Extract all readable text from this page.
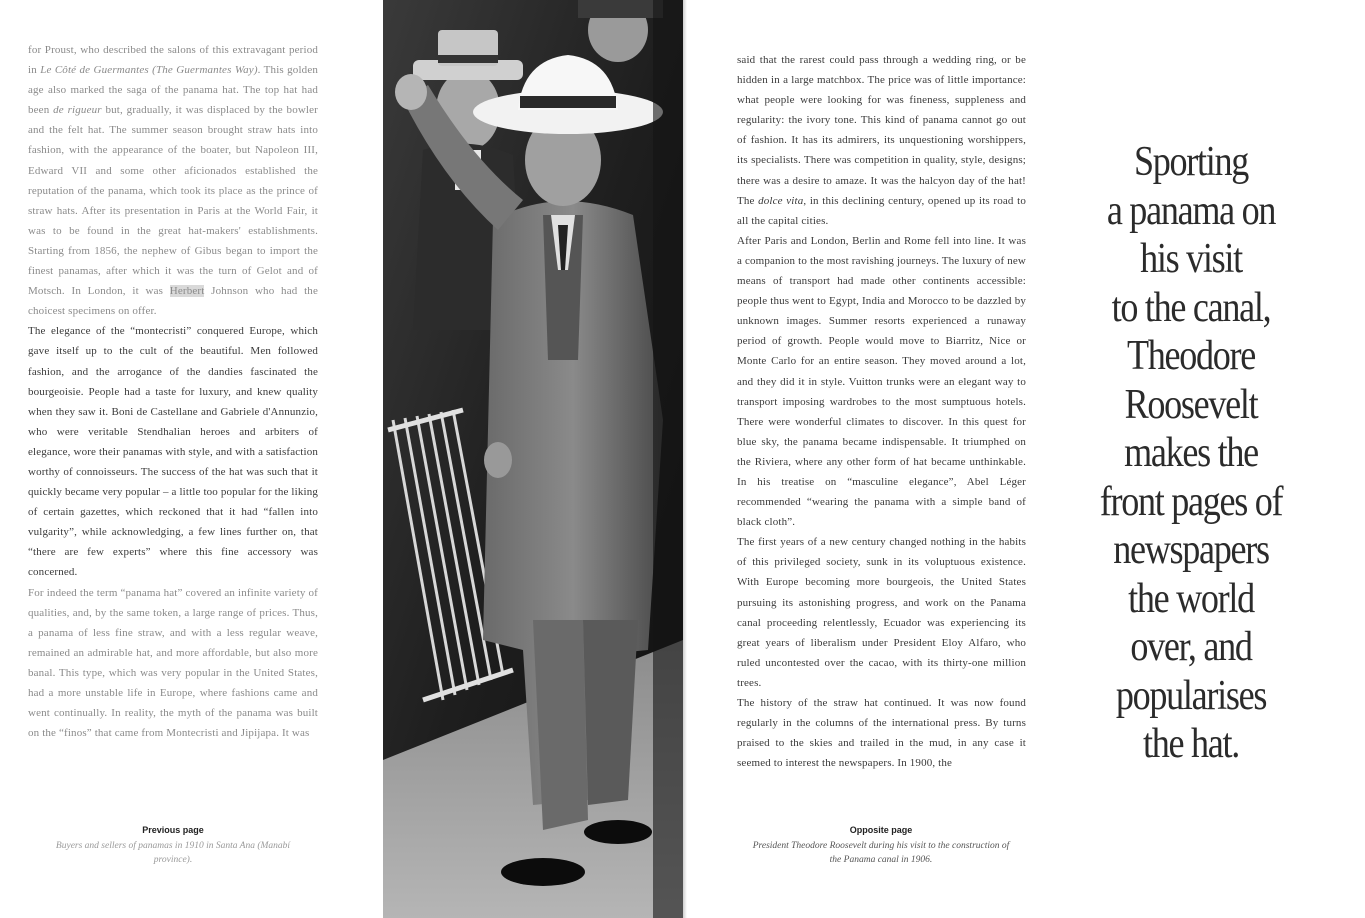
for Proust, who described the salons of this extravagant period in Le Côté de Guermantes (The Guermantes Way). This golden age also marked the saga of the panama hat. The top hat had been de rigueur but, gradually, it was displaced by the bowler and the felt hat. The summer season brought straw hats into fashion, with the appearance of the boater, but Napoleon III, Edward VII and some other aficionados established the reputation of the panama, which took its place as the prince of straw hats. After its presentation in Paris at the World Fair, it was to be found in the great hat-makers' establishments. Starting from 1856, the nephew of Gibus began to import the finest panamas, after which it was the turn of Gelot and of Motsch. In London, it was Herbert Johnson who had the choicest specimens on offer.

The elegance of the “montecristi” conquered Europe, which gave itself up to the cult of the beautiful. Men followed fashion, and the arrogance of the dandies fascinated the bourgeoisie. People had a taste for luxury, and knew quality when they saw it. Boni de Castellane and Gabriele d'Annunzio, who were veritable Stendhalian heroes and arbiters of elegance, wore their panamas with style, and with a satisfaction worthy of connoisseurs. The success of the hat was such that it quickly became very popular – a little too popular for the liking of certain gazettes, which reckoned that it had “fallen into vulgarity”, while acknowledging, a few lines further on, that “there are few experts” where this fine accessory was concerned.

For indeed the term “panama hat” covered an infinite variety of qualities, and, by the same token, a large range of prices. Thus, a panama of less fine straw, and with a less regular weave, remained an admirable hat, and more affordable, but also more banal. This type, which was very popular in the United States, had a more unstable life in Europe, where fashions came and went continually. In reality, the myth of the panama was built on the “finos” that came from Montecristi and Jipijapa. It was

Previous page
Buyers and sellers of panamas in 1910 in Santa Ana (Manabí province).

said that the rarest could pass through a wedding ring, or be hidden in a large matchbox. The price was of little importance: what people were looking for was fineness, suppleness and regularity: the ivory tone. This kind of panama cannot go out of fashion. It has its admirers, its unquestioning worshippers, its specialists. There was competition in quality, style, designs; there was a desire to amaze. It was the halcyon day of the hat! The dolce vita, in this declining century, opened up its road to all the capital cities.

After Paris and London, Berlin and Rome fell into line. It was a companion to the most ravishing journeys. The luxury of new means of transport had made other continents accessible: people thus went to Egypt, India and Morocco to be dazzled by unknown images. Summer resorts experienced a runaway period of growth. People would move to Biarritz, Nice or Monte Carlo for an entire season. They moved around a lot, and they did it in style. Vuitton trunks were an elegant way to transport imposing wardrobes to the most sumptuous hotels. There were wonderful climates to discover. In this quest for blue sky, the panama became indispensable. It triumphed on the Riviera, where any other form of hat became unthinkable. In his treatise on “masculine elegance”, Abel Léger recommended “wearing the panama with a simple band of black cloth”.

The first years of a new century changed nothing in the habits of this privileged society, sunk in its voluptuous existence. With Europe becoming more bourgeois, the United States pursuing its astonishing progress, and work on the Panama canal proceeding relentlessly, Ecuador was experiencing its great years of liberalism under President Eloy Alfaro, who ruled uncontested over the cacao, with its thirty-one million trees.

The history of the straw hat continued. It was now found regularly in the columns of the international press. By turns praised to the skies and trailed in the mud, in any case it seemed to interest the newspapers. In 1900, the

Opposite page
President Theodore Roosevelt during his visit to the construction of the Panama canal in 1906.
Sporting
a panama on
his visit
to the canal,
Theodore
Roosevelt
makes the
front pages of
newspapers
the world
over, and
popularises
the hat.
